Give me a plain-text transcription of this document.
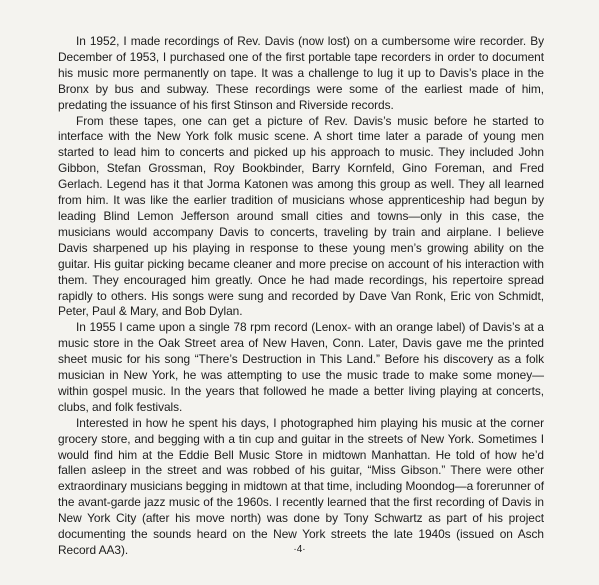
In 1952, I made recordings of Rev. Davis (now lost) on a cumbersome wire recorder. By December of 1953, I purchased one of the first portable tape recorders in order to document his music more permanently on tape. It was a challenge to lug it up to Davis’s place in the Bronx by bus and subway. These recordings were some of the earliest made of him, predating the issuance of his first Stinson and Riverside records.

From these tapes, one can get a picture of Rev. Davis’s music before he started to interface with the New York folk music scene. A short time later a parade of young men started to lead him to concerts and picked up his approach to music. They included John Gibbon, Stefan Grossman, Roy Bookbinder, Barry Kornfeld, Gino Foreman, and Fred Gerlach. Legend has it that Jorma Katonen was among this group as well. They all learned from him. It was like the earlier tradition of musicians whose apprenticeship had begun by leading Blind Lemon Jefferson around small cities and towns—only in this case, the musicians would accompany Davis to concerts, traveling by train and airplane. I believe Davis sharpened up his playing in response to these young men’s growing ability on the guitar. His guitar picking became cleaner and more precise on account of his interaction with them. They encouraged him greatly. Once he had made recordings, his repertoire spread rapidly to others. His songs were sung and recorded by Dave Van Ronk, Eric von Schmidt, Peter, Paul & Mary, and Bob Dylan.

In 1955 I came upon a single 78 rpm record (Lenox- with an orange label) of Davis’s at a music store in the Oak Street area of New Haven, Conn. Later, Davis gave me the printed sheet music for his song “There’s Destruction in This Land.” Before his discovery as a folk musician in New York, he was attempting to use the music trade to make some money—within gospel music. In the years that followed he made a better living playing at concerts, clubs, and folk festivals.

Interested in how he spent his days, I photographed him playing his music at the corner grocery store, and begging with a tin cup and guitar in the streets of New York. Sometimes I would find him at the Eddie Bell Music Store in midtown Manhattan. He told of how he’d fallen asleep in the street and was robbed of his guitar, “Miss Gibson.” There were other extraordinary musicians begging in midtown at that time, including Moondog—a forerunner of the avant-garde jazz music of the 1960s. I recently learned that the first recording of Davis in New York City (after his move north) was done by Tony Schwartz as part of his project documenting the sounds heard on the New York streets the late 1940s (issued on Asch Record AA3).	·4·
